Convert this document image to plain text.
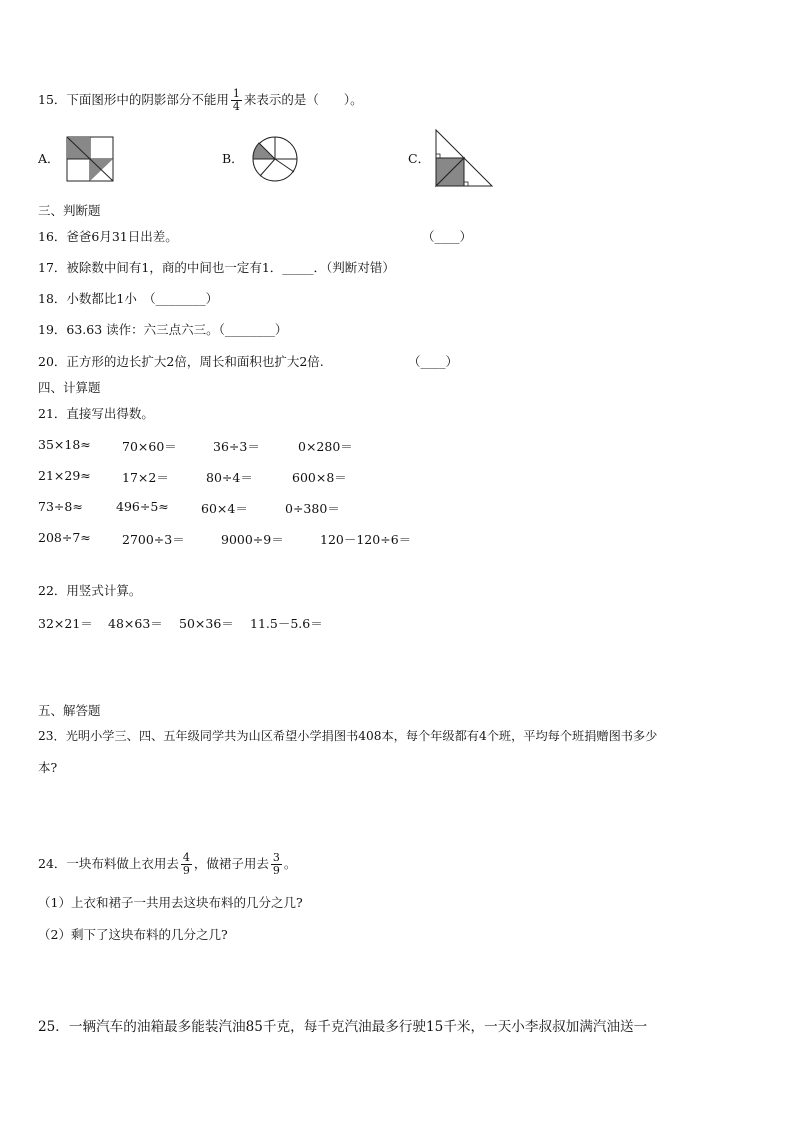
15．下面图形中的阴影部分不能用 $\frac{1}{4}$ 来表示的是（　　）。
A．	B．	C．
三、判断题
16．爸爸6月31日出差。	（____）
17．被除数中间有1，商的中间也一定有1．_____．（判断对错）
18．小数都比1小　（________）
19．63.63 读作：六三点六三。（________）
20．正方形的边长扩大2倍，周长和面积也扩大2倍.	（____）
四、计算题
21．直接写出得数。
35×18≈ 70×60＝	36÷3＝	0×280＝
21×29≈ 17×2＝	80÷4＝	600×8＝
73÷8≈	496÷5≈	60×4＝	0÷380＝
208÷7≈ 2700÷3＝	9000÷9＝	120－120÷6＝
22．用竖式计算。
32×21＝ 48×63＝ 50×36＝ 11.5－5.6＝
五、解答题
23．光明小学三、四、五年级同学共为山区希望小学捐图书408本，每个年级都有4个班，平均每个班捐赠图书多少
本?
24．一块布料做上衣用去 $\frac{4}{9}$ ，做裙子用去 $\frac{3}{9}$ 。
（1）上衣和裙子一共用去这块布料的几分之几?
（2）剩下了这块布料的几分之几?
25．一辆汽车的油箱最多能装汽油85千克，每千克汽油最多行驶15千米，一天小李叔叔加满汽油送一
